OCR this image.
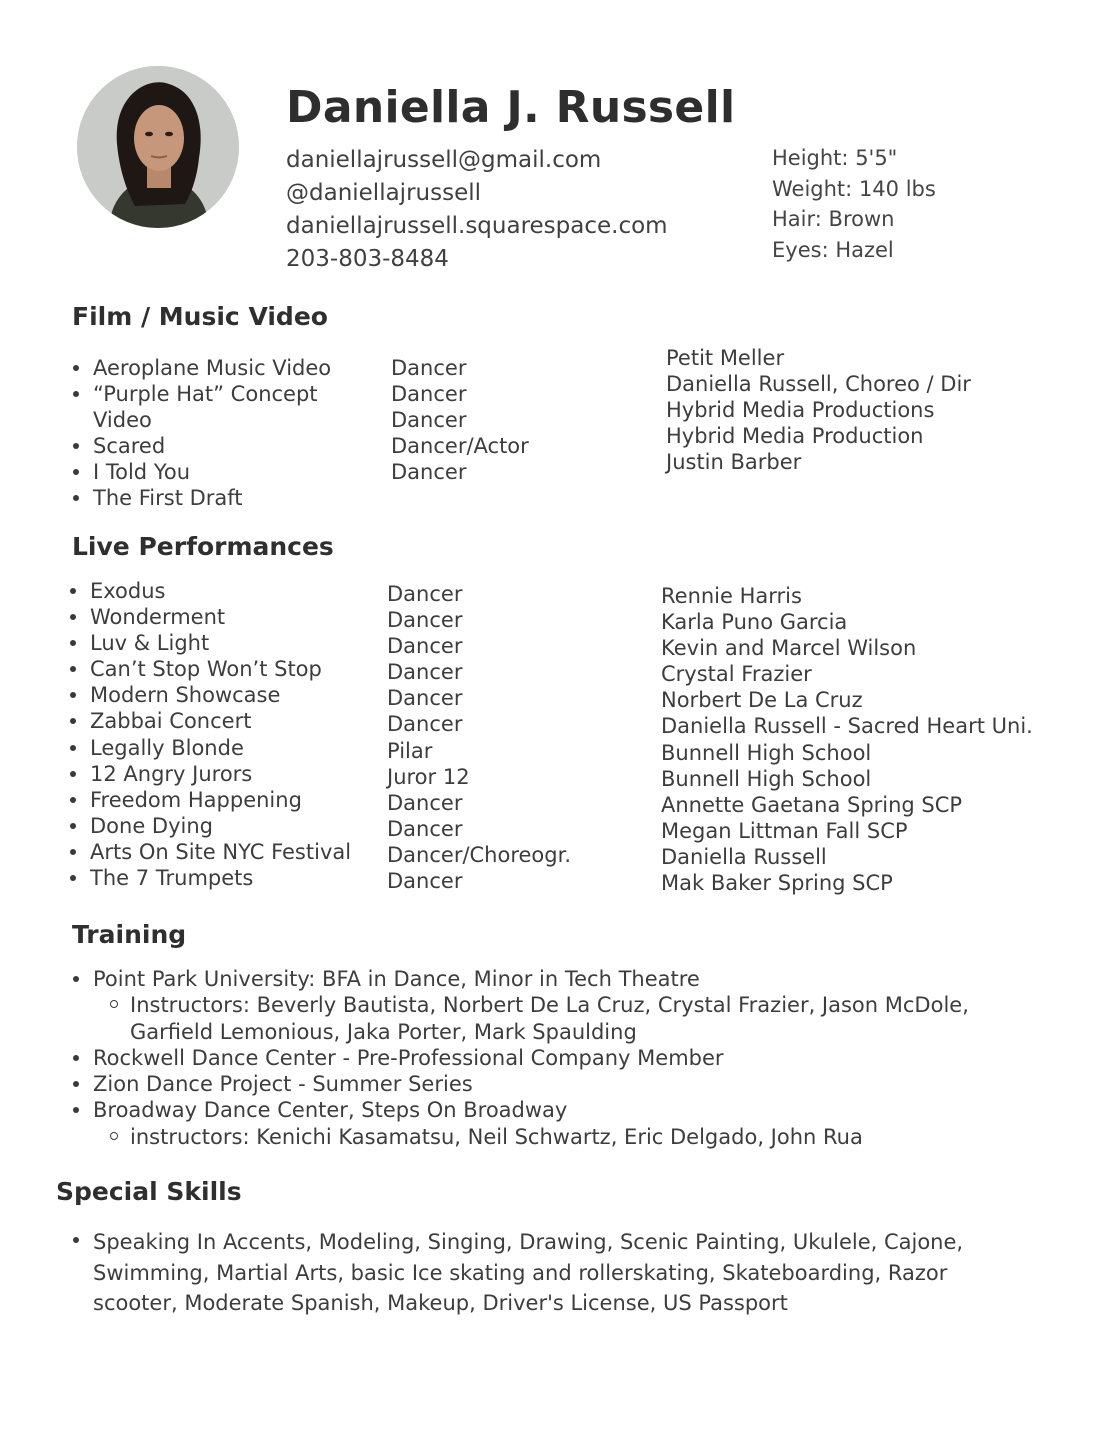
Daniella J. Russell
daniellajrussell@gmail.com
@daniellajrussell
daniellajrussell.squarespace.com
203-803-8484
Height : 5'5"
Weight : 140 lbs
Hair : Brown
Eyes : Hazel
Film / Music Video
Aeroplane Music Video
“Purple Hat” Concept
Video
Scared
I Told You
The First Draft
Dancer
Dancer
Dancer
Dancer/Actor
Dancer
Petit Meller
Daniella Russell, Choreo / Dir
Hybrid Media Productions
Hybrid Media Production
Justin Barber
Live Performances
Exodus
Wonderment
Luv & Light
Can’t Stop Won’t Stop
Modern Showcase
Zabbai Concert
Legally Blonde
12 Angry Jurors
Freedom Happening
Done Dying
Arts On Site NYC Festival
The 7 Trumpets
Dancer
Dancer
Dancer
Dancer
Dancer
Dancer
Pilar
Juror 12
Dancer
Dancer
Dancer/Choreogr.
Dancer
Rennie Harris
Karla Puno Garcia
Kevin and Marcel Wilson
Crystal Frazier
Norbert De La Cruz
Daniella Russell - Sacred Heart Uni.
Bunnell High School
Bunnell High School
Annette Gaetana Spring SCP
Megan Littman Fall SCP
Daniella Russell
Mak Baker Spring SCP
Training
Point Park University: BFA in Dance, Minor in Tech Theatre
Instructors: Beverly Bautista, Norbert De La Cruz, Crystal Frazier, Jason McDole,
Garfield Lemonious, Jaka Porter, Mark Spaulding
Rockwell Dance Center - Pre-Professional Company Member
Zion Dance Project - Summer Series
Broadway Dance Center, Steps On Broadway
instructors: Kenichi Kasamatsu, Neil Schwartz, Eric Delgado, John Rua
Special Skills
Speaking In Accents, Modeling, Singing, Drawing, Scenic Painting, Ukulele, Cajone,
Swimming, Martial Arts, basic Ice skating and rollerskating, Skateboarding, Razor
scooter, Moderate Spanish, Makeup, Driver's License, US Passport
